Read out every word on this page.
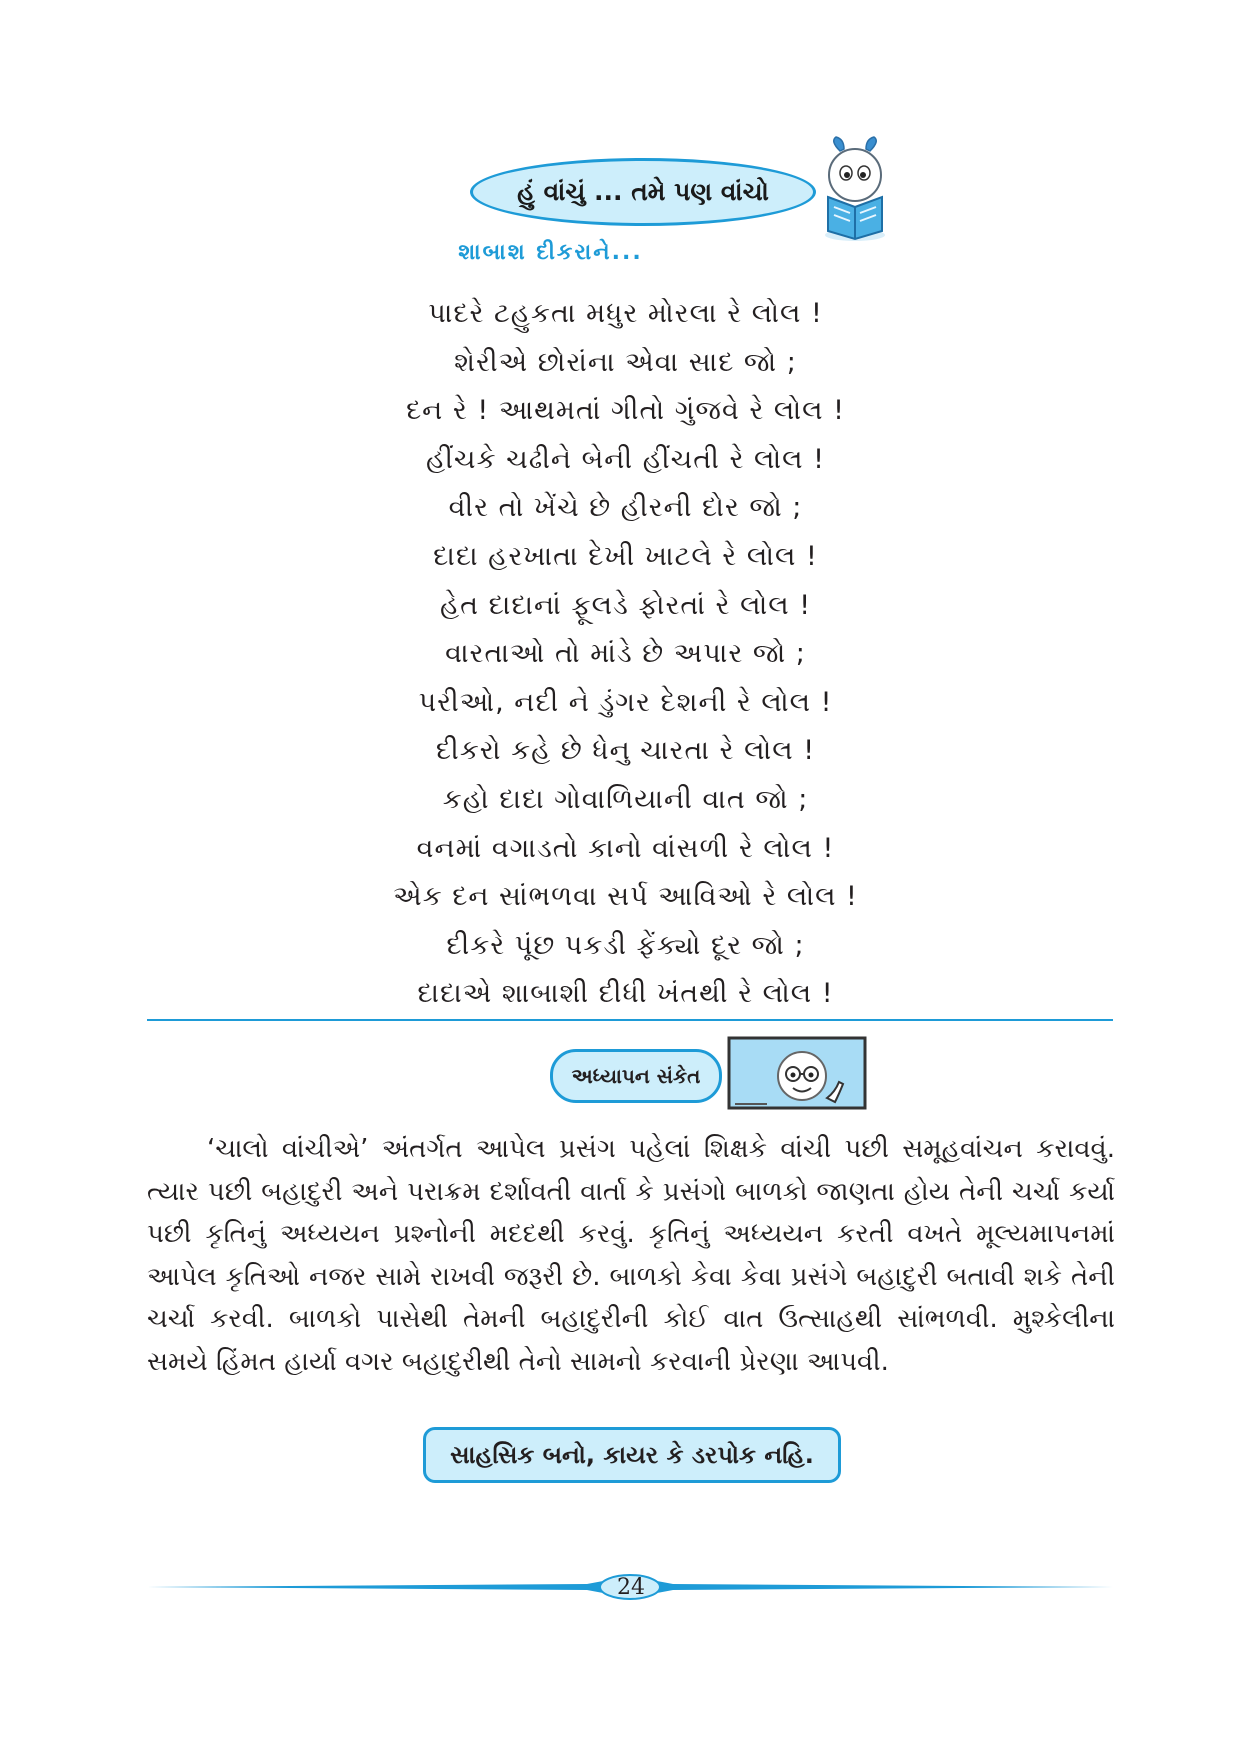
હું વાંચું ... તમે પણ વાંચો
શાબાશ દીકરાને...
પાદરે ટહુકતા મધુર મોરલા રે લોલ !
શેરીએ છોરાંના એવા સાદ જો ;
દન રે ! આથમતાં ગીતો ગુંજવે રે લોલ !
હીંચકે ચઢીને બેની હીંચતી રે લોલ !
વીર તો ખેંચે છે હીરની દોર જો ;
દાદા હરખાતા દેખી ખાટલે રે લોલ !
હેત દાદાનાં ફૂલડે ફોરતાં રે લોલ !
વારતાઓ તો માંડે છે અપાર જો ;
પરીઓ, નદી ને ડુંગર દેશની રે લોલ !
દીકરો કહે છે ધેનુ ચારતા રે લોલ !
કહો દાદા ગોવાળિયાની વાત જો ;
વનમાં વગાડતો કાનો વાંસળી રે લોલ !
એક દન સાંભળવા સર્પ આવિઓ રે લોલ !
દીકરે પૂંછ પકડી ફેંક્યો દૂર જો ;
દાદાએ શાબાશી દીધી ખંતથી રે લોલ !
અધ્યાપન સંકેત

‘ચાલો વાંચીએ’ અંતર્ગત આપેલ પ્રસંગ પહેલાં શિક્ષકે વાંચી પછી સમૂહવાંચન કરાવવું. ત્યાર પછી બહાદુરી અને પરાક્રમ દર્શાવતી વાર્તા કે પ્રસંગો બાળકો જાણતા હોય તેની ચર્ચા કર્યા પછી કૃતિનું અધ્યયન પ્રશ્નોની મદદથી કરવું. કૃતિનું અધ્યયન કરતી વખતે મૂલ્યમાપનમાં આપેલ કૃતિઓ નજર સામે રાખવી જરૂરી છે. બાળકો કેવા કેવા પ્રસંગે બહાદુરી બતાવી શકે તેની ચર્ચા કરવી. બાળકો પાસેથી તેમની બહાદુરીની કોઈ વાત ઉત્સાહથી સાંભળવી. મુશ્કેલીના સમયે હિંમત હાર્યા વગર બહાદુરીથી તેનો સામનો કરવાની પ્રેરણા આપવી.

સાહસિક બનો, કાયર કે ડરપોક નહિ.
24
